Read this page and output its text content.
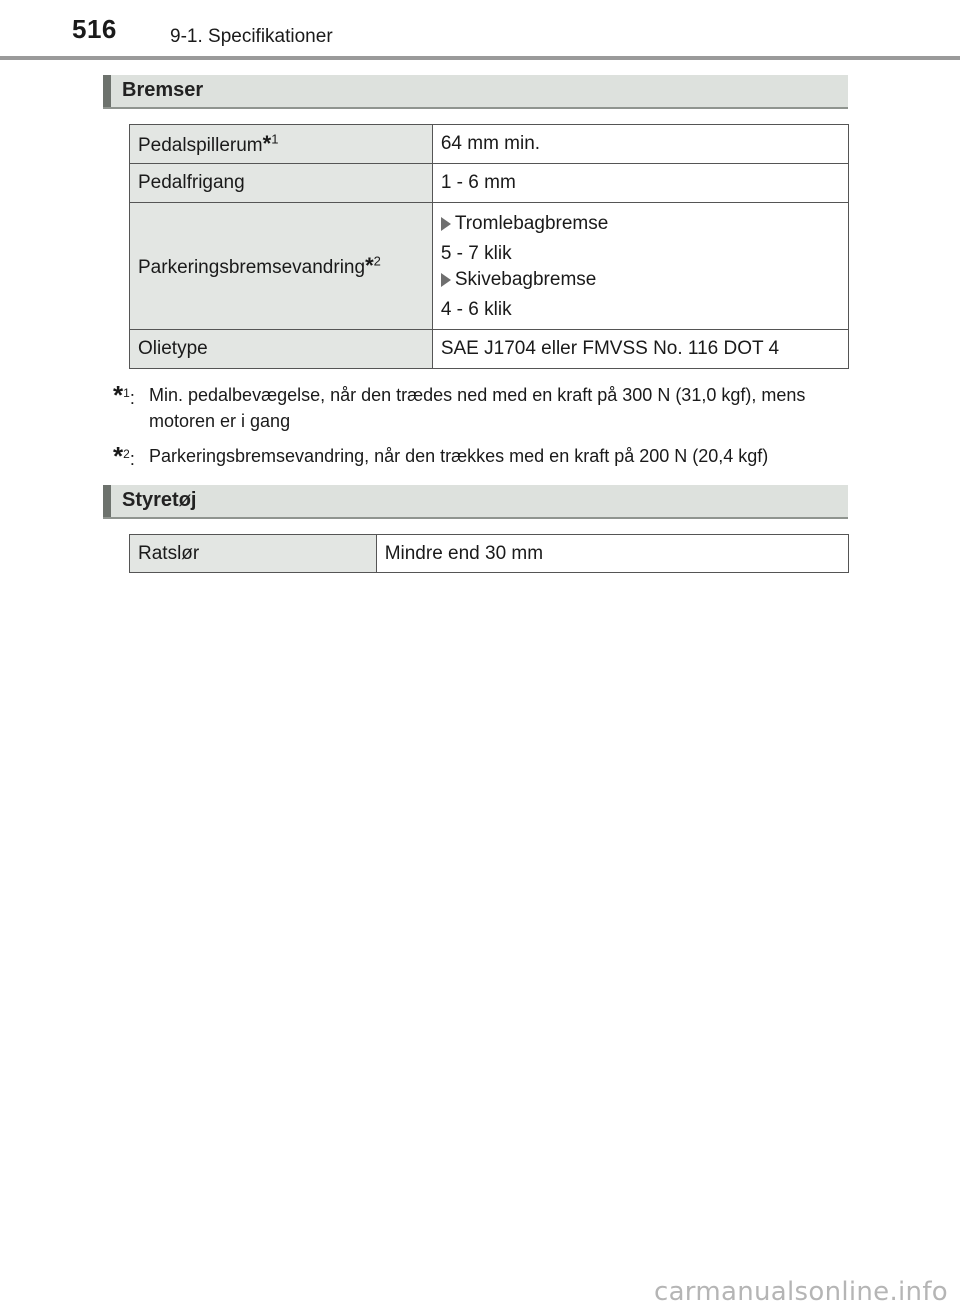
516	9-1. Specifikationer
Bremser
Pedalspillerum*$^1$	64 mm min.
Pedalfrigang	1 - 6 mm
Parkeringsbremsevandring*$^2$	Tromlebagbremse
5 - 7 klik
Skivebagbremse
4 - 6 klik

Olietype	SAE J1704 eller FMVSS No. 116 DOT 4
*$^1$: Min. pedalbevægelse, når den trædes ned med en kraft på 300 N (31,0 kgf), mens motoren er i gang
*$^2$: Parkeringsbremsevandring, når den trækkes med en kraft på 200 N (20,4 kgf)
Styretøj
Ratslør	Mindre end 30 mm
carmanualsonline.info
